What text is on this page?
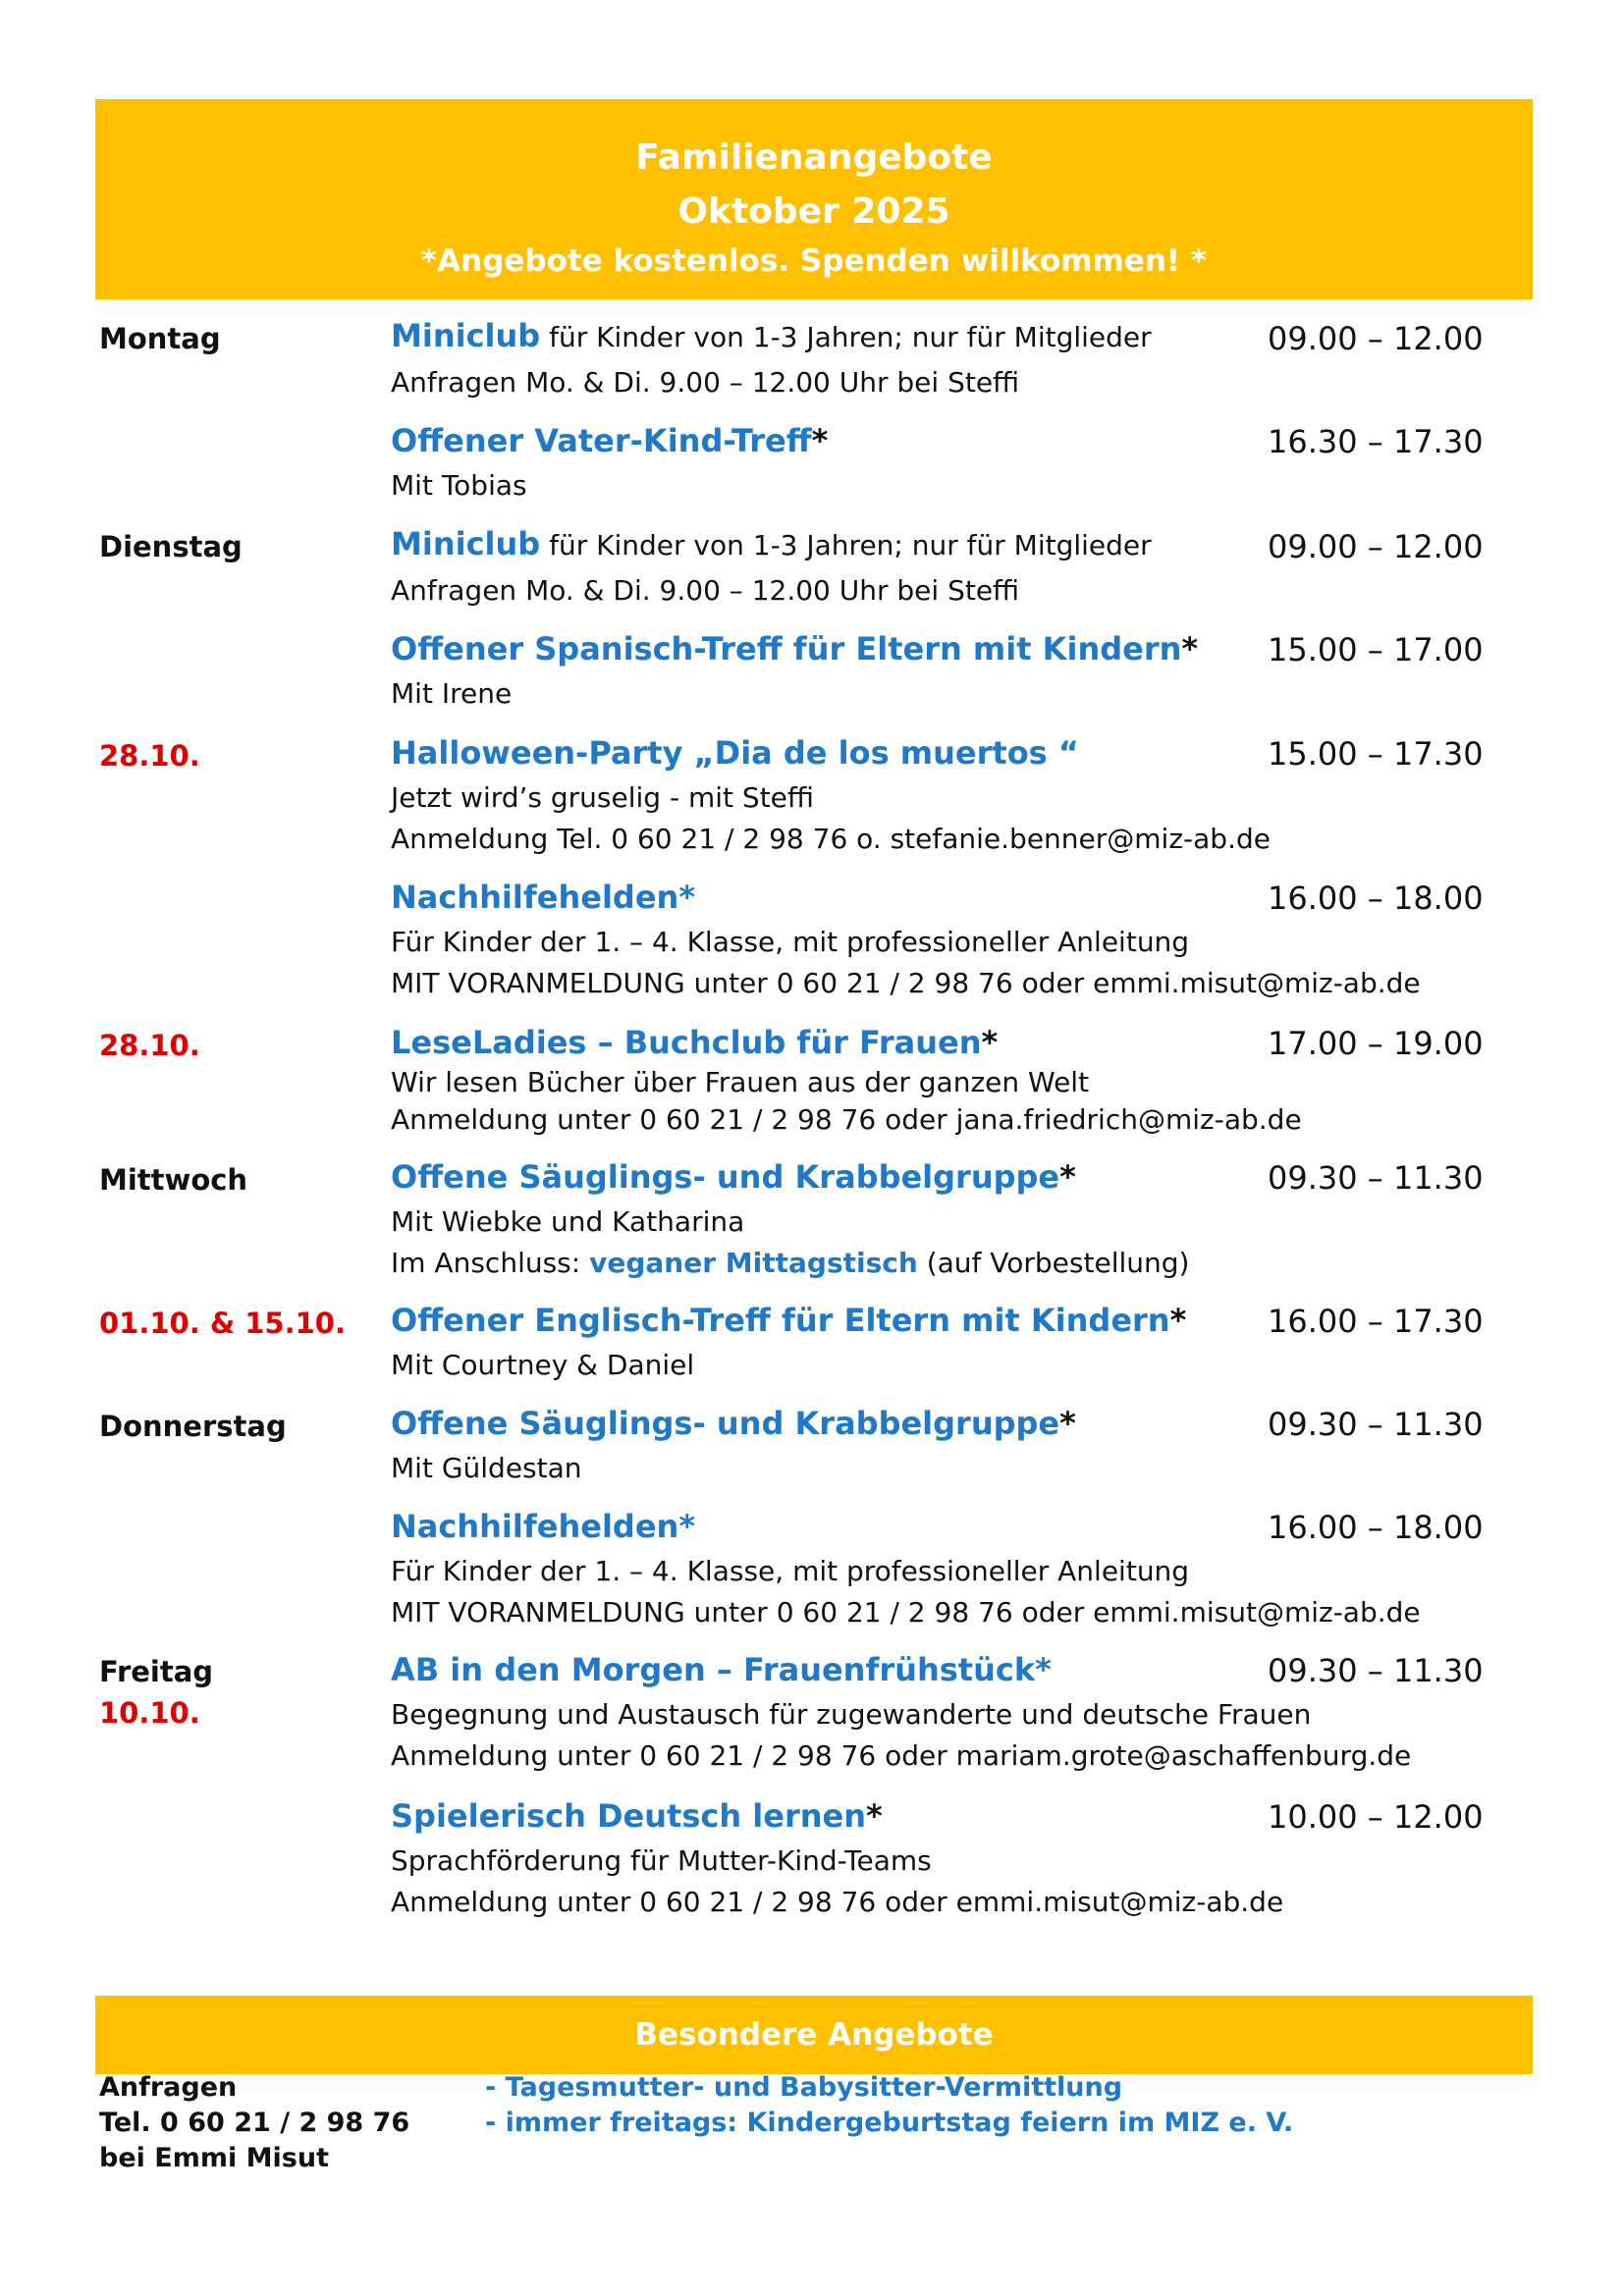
Familienangebote
Oktober 2025
*Angebote kostenlos. Spenden willkommen! *
Montag	Miniclub für Kinder von 1-3 Jahren; nur für Mitglieder	09.00 – 12.00
Anfragen Mo. & Di. 9.00 – 12.00 Uhr bei Steffi
Offener Vater-Kind-Treff*	16.30 – 17.30
Mit Tobias
Dienstag	Miniclub für Kinder von 1-3 Jahren; nur für Mitglieder	09.00 – 12.00
Anfragen Mo. & Di. 9.00 – 12.00 Uhr bei Steffi
Offener Spanisch-Treff für Eltern mit Kindern* 15.00 – 17.00
Mit Irene
28.10.	Halloween-Party „Dia de los muertos “	15.00 – 17.30
Jetzt wird’s gruselig - mit Steffi
Anmeldung Tel. 0 60 21 / 2 98 76 o. stefanie.benner@miz-ab.de
Nachhilfehelden*	16.00 – 18.00
Für Kinder der 1. – 4. Klasse, mit professioneller Anleitung
MIT VORANMELDUNG unter 0 60 21 / 2 98 76 oder emmi.misut@miz-ab.de
28.10.	LeseLadies – Buchclub für Frauen*	17.00 – 19.00
Wir lesen Bücher über Frauen aus der ganzen Welt
Anmeldung unter 0 60 21 / 2 98 76 oder jana.friedrich@miz-ab.de
Mittwoch	Offene Säuglings- und Krabbelgruppe*	09.30 – 11.30
Mit Wiebke und Katharina
Im Anschluss: veganer Mittagstisch (auf Vorbestellung)
01.10. & 15.10. Offener Englisch-Treff für Eltern mit Kindern*	16.00 – 17.30
Mit Courtney & Daniel
Donnerstag	Offene Säuglings- und Krabbelgruppe*	09.30 – 11.30
Mit Güldestan
Nachhilfehelden*	16.00 – 18.00
Für Kinder der 1. – 4. Klasse, mit professioneller Anleitung
MIT VORANMELDUNG unter 0 60 21 / 2 98 76 oder emmi.misut@miz-ab.de
Freitag
10.10.
AB in den Morgen – Frauenfrühstück*	09.30 – 11.30
Begegnung und Austausch für zugewanderte und deutsche Frauen
Anmeldung unter 0 60 21 / 2 98 76 oder mariam.grote@aschaffenburg.de
Spielerisch Deutsch lernen*	10.00 – 12.00
Sprachförderung für Mutter-Kind-Teams
Anmeldung unter 0 60 21 / 2 98 76 oder emmi.misut@miz-ab.de
Besondere Angebote
Anfragen
Tel. 0 60 21 / 2 98 76
bei Emmi Misut
- Tagesmutter- und Babysitter-Vermittlung
- immer freitags: Kindergeburtstag feiern im MIZ e. V.
